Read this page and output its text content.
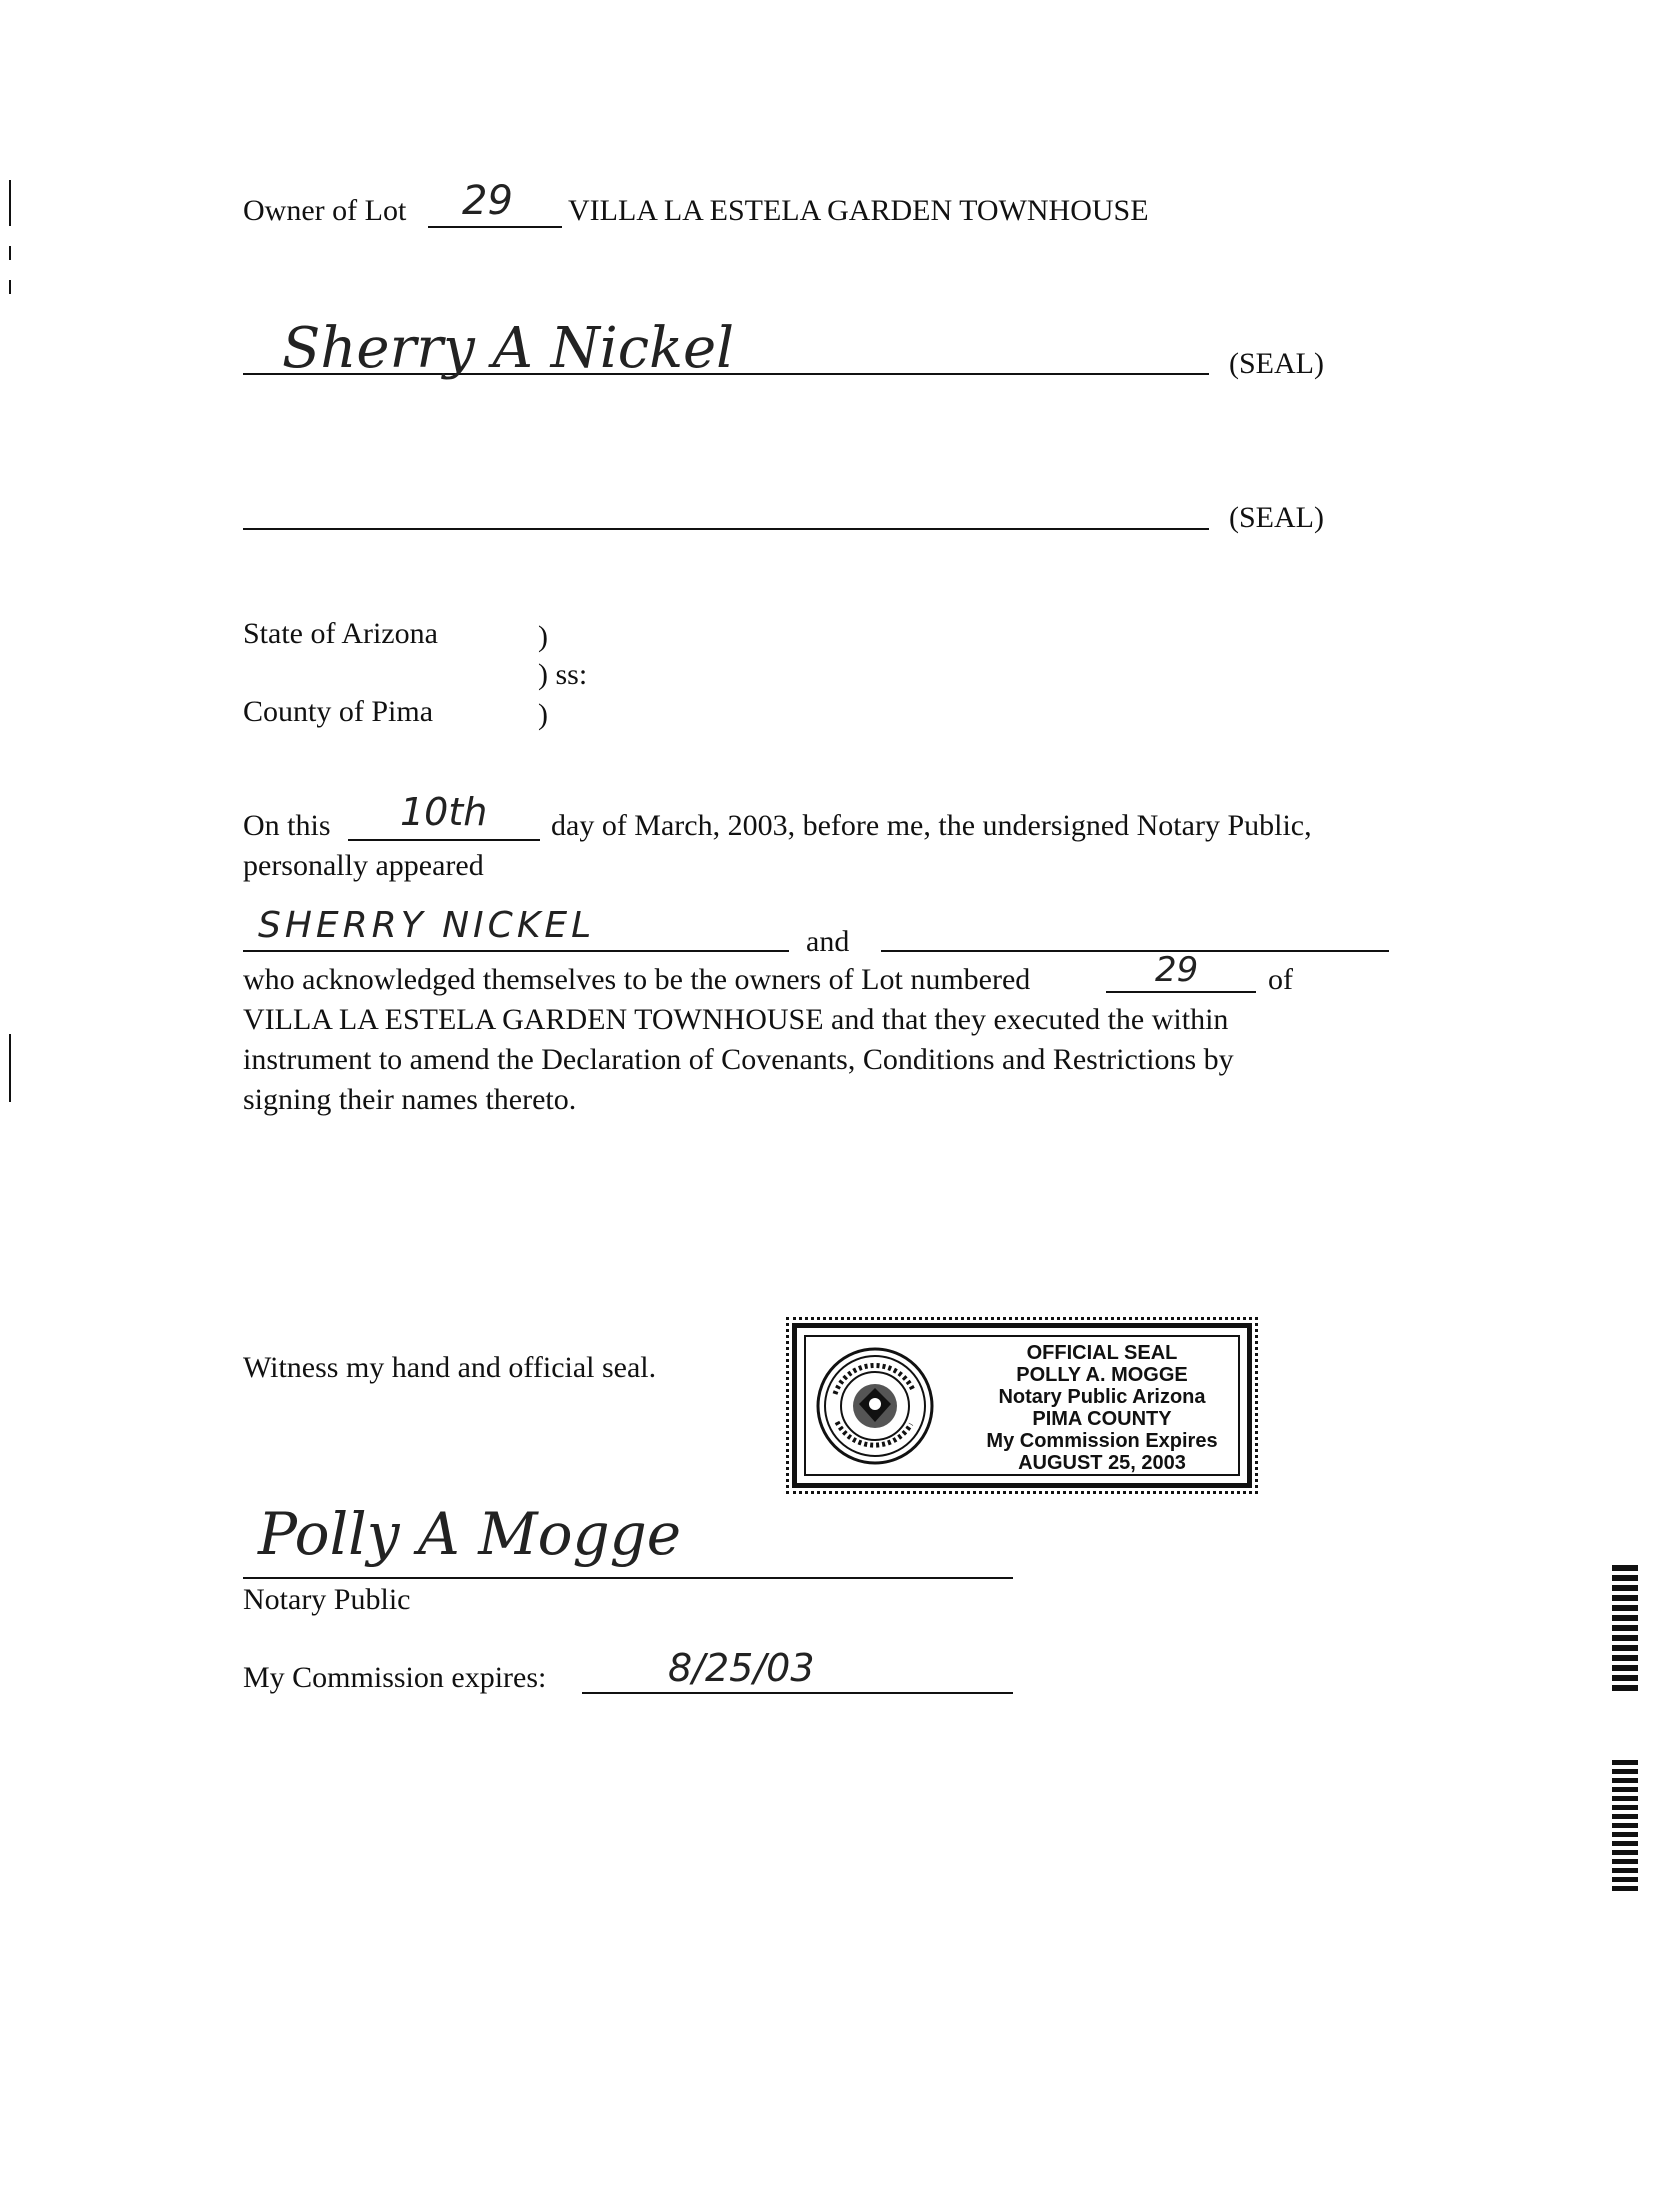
Owner of Lot 29 VILLA LA ESTELA GARDEN TOWNHOUSE
Sherry A Nickel	(SEAL)
(SEAL)
State of Arizona	)
) ss:
County of Pima	)
On this 10th day of March, 2003, before me, the undersigned Notary Public,
personally appeared
SHERRY NICKEL	and
who acknowledged themselves to be the owners of Lot numbered	29 of
VILLA LA ESTELA GARDEN TOWNHOUSE and that they executed the within
instrument to amend the Declaration of Covenants, Conditions and Restrictions by
signing their names thereto.
Witness my hand and official seal.	OFFICIAL SEAL
POLLY A. MOGGE
Notary Public Arizona
PIMA COUNTY
My Commission Expires
AUGUST 25, 2003
Polly A Mogge
Notary Public
My Commission expires:	8/25/03
